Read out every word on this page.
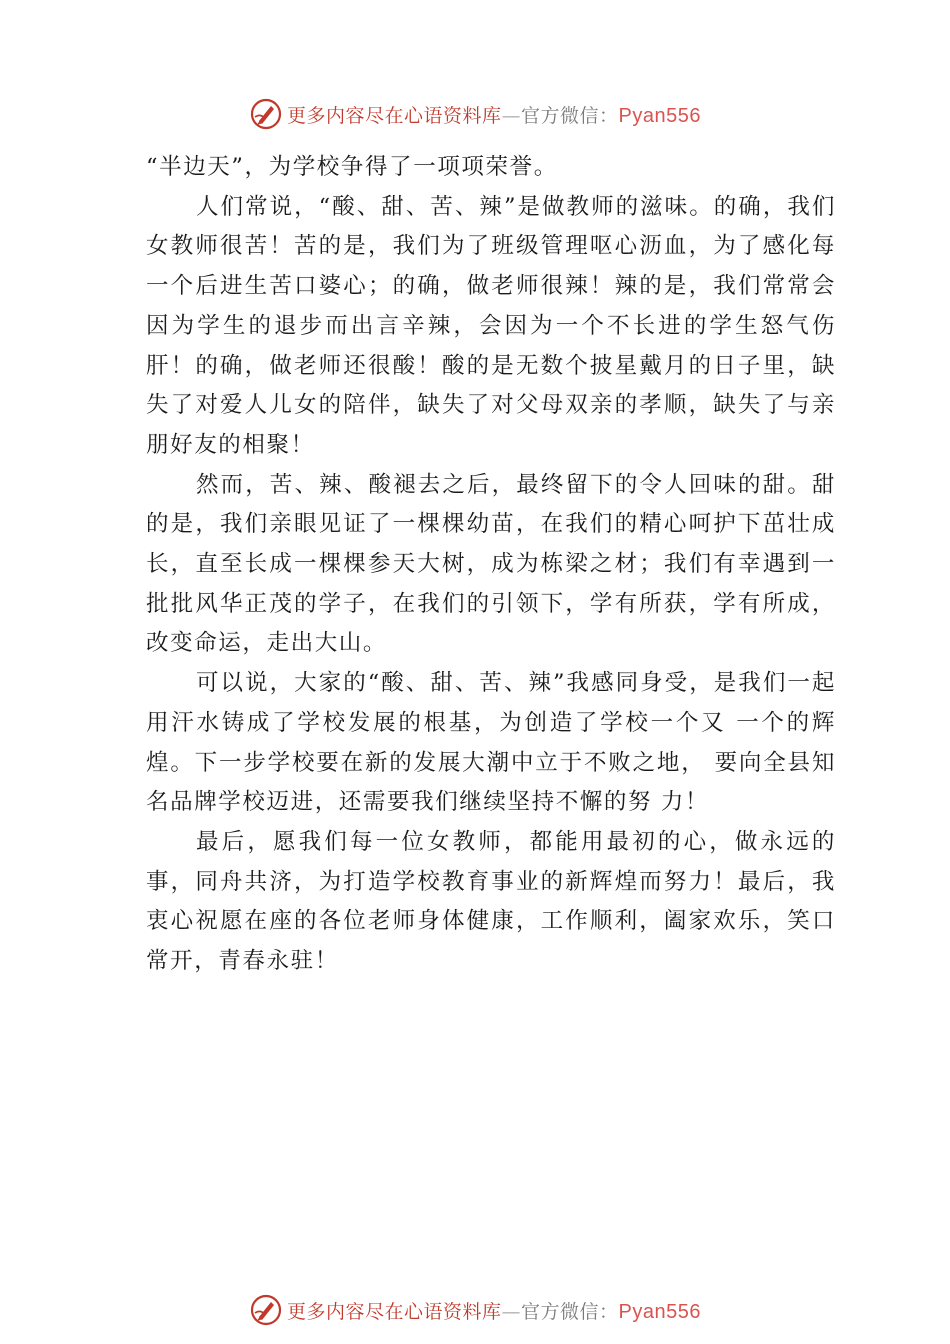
更多内容尽在心语资料库—官方微信：Pyan556

“半边天”，为学校争得了一项项荣誉。

人们常说，“酸、甜、苦、辣”是做教师的滋味。的确，我们女教师很苦！苦的是，我们为了班级管理呕心沥血，为了感化每一个后进生苦口婆心；的确，做老师很辣！辣的是，我们常常会因为学生的退步而出言辛辣，会因为一个不长进的学生怒气伤肝！的确，做老师还很酸！酸的是无数个披星戴月的日子里，缺失了对爱人儿女的陪伴，缺失了对父母双亲的孝顺，缺失了与亲朋好友的相聚！

然而，苦、辣、酸褪去之后，最终留下的令人回味的甜。甜的是，我们亲眼见证了一棵棵幼苗，在我们的精心呵护下茁壮成长，直至长成一棵棵参天大树，成为栋梁之材；我们有幸遇到一批批风华正茂的学子，在我们的引领下，学有所获，学有所成，改变命运，走出大山。

可以说，大家的“酸、甜、苦、辣”我感同身受，是我们一起用汗水铸成了学校发展的根基，为创造了学校一个又 一个的辉煌。下一步学校要在新的发展大潮中立于不败之地， 要向全县知名品牌学校迈进，还需要我们继续坚持不懈的努 力！

最后，愿我们每一位女教师，都能用最初的心，做永远的事，同舟共济，为打造学校教育事业的新辉煌而努力！最后，我衷心祝愿在座的各位老师身体健康，工作顺利，阖家欢乐，笑口常开，青春永驻！

更多内容尽在心语资料库—官方微信：Pyan556
